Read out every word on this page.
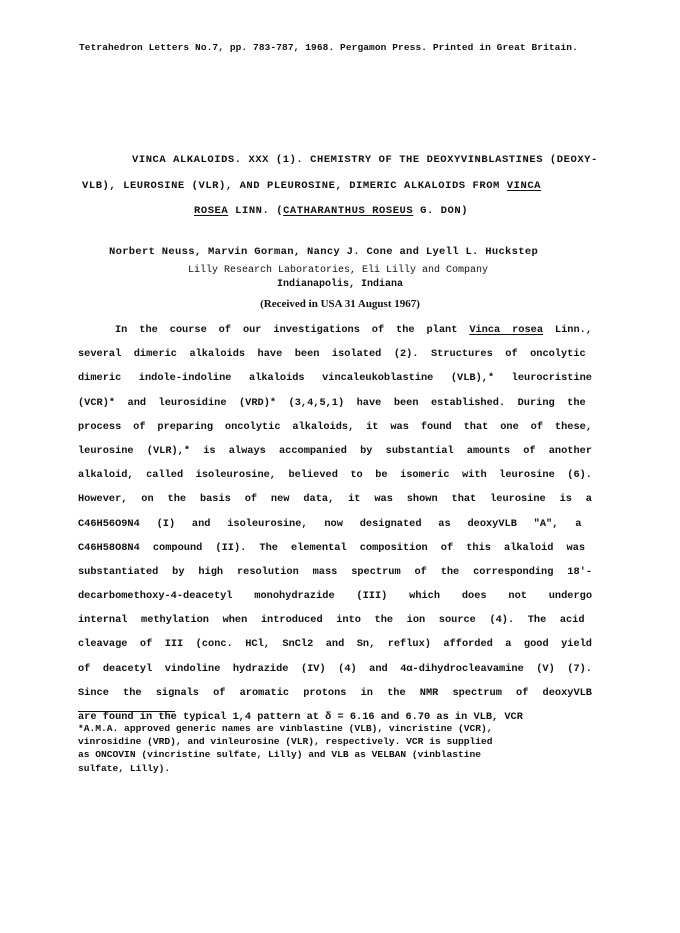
Tetrahedron Letters No.7, pp. 783-787, 1968. Pergamon Press. Printed in Great Britain.
VINCA ALKALOIDS. XXX (1). CHEMISTRY OF THE DEOXYVINBLASTINES (DEOXY-
VLB), LEUROSINE (VLR), AND PLEUROSINE, DIMERIC ALKALOIDS FROM VINCA
ROSEA LINN. (CATHARANTHUS ROSEUS G. DON)
Norbert Neuss, Marvin Gorman, Nancy J. Cone and Lyell L. Huckstep
Lilly Research Laboratories, Eli Lilly and Company
Indianapolis, Indiana
(Received in USA 31 August 1967)
In the course of our investigations of the plant Vinca rosea Linn.,
several dimeric alkaloids have been isolated (2). Structures of oncolytic
dimeric indole-indoline alkaloids vincaleukoblastine (VLB),* leurocristine
(VCR)* and leurosidine (VRD)* (3,4,5,1) have been established. During the
process of preparing oncolytic alkaloids, it was found that one of these,
leurosine (VLR),* is always accompanied by substantial amounts of another
alkaloid, called isoleurosine, believed to be isomeric with leurosine (6).
However, on the basis of new data, it was shown that leurosine is a
C46H56O9N4 (I) and isoleurosine, now designated as deoxyVLB "A", a
C46H58O8N4 compound (II). The elemental composition of this alkaloid was
substantiated by high resolution mass spectrum of the corresponding 18'-
decarbomethoxy-4-deacetyl monohydrazide (III) which does not undergo
internal methylation when introduced into the ion source (4). The acid
cleavage of III (conc. HCl, SnCl2 and Sn, reflux) afforded a good yield
of deacetyl vindoline hydrazide (IV) (4) and 4α-dihydrocleavamine (V) (7).
Since the signals of aromatic protons in the NMR spectrum of deoxyVLB
are found in the typical 1,4 pattern at δ = 6.16 and 6.70 as in VLB, VCR
*A.M.A. approved generic names are vinblastine (VLB), vincristine (VCR),
vinrosidine (VRD), and vinleurosine (VLR), respectively. VCR is supplied
as ONCOVIN (vincristine sulfate, Lilly) and VLB as VELBAN (vinblastine
sulfate, Lilly).
